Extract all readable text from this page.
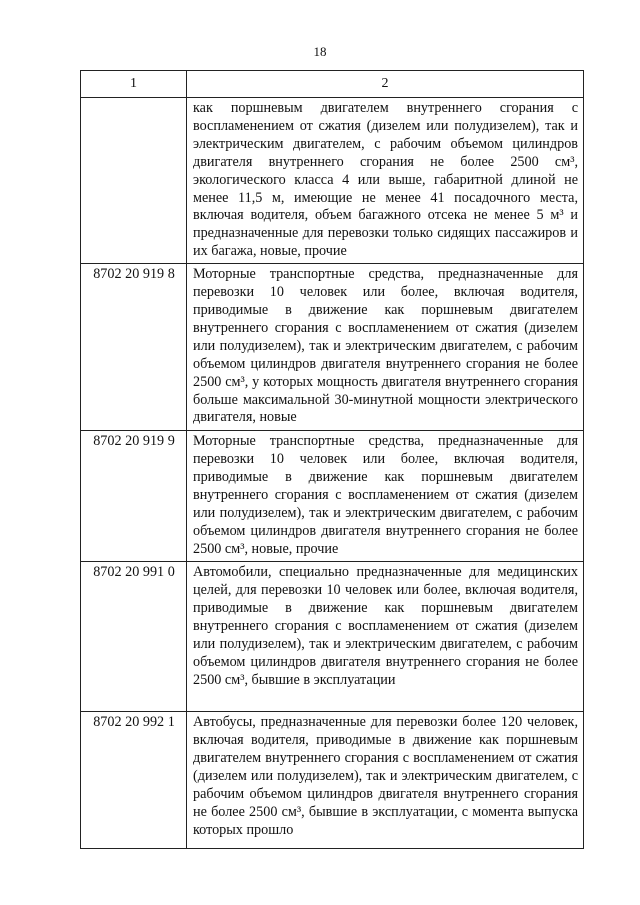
18
1	2

	как поршневым двигателем внутреннего сгорания с воспламенением от сжатия (дизелем или полудизелем), так и электрическим двигателем, с рабочим объемом цилиндров двигателя внутреннего сгорания не более 2500 см³, экологического класса 4 или выше, габаритной длиной не менее 11,5 м, имеющие не менее 41 посадочного места, включая водителя, объем багажного отсека не менее 5 м³ и предназначенные для перевозки только сидящих пассажиров и их багажа, новые, прочие

8702 20 919 8	Моторные транспортные средства, предназначенные для перевозки 10 человек или более, включая водителя, приводимые в движение как поршневым двигателем внутреннего сгорания с воспламенением от сжатия (дизелем или полудизелем), так и электрическим двигателем, с рабочим объемом цилиндров двигателя внутреннего сгорания не более 2500 см³, у которых мощность двигателя внутреннего сгорания больше максимальной 30-минутной мощности электрического двигателя, новые

8702 20 919 9	Моторные транспортные средства, предназначенные для перевозки 10 человек или более, включая водителя, приводимые в движение как поршневым двигателем внутреннего сгорания с воспламенением от сжатия (дизелем или полудизелем), так и электрическим двигателем, с рабочим объемом цилиндров двигателя внутреннего сгорания не более 2500 см³, новые, прочие

8702 20 991 0	Автомобили, специально предназначенные для медицинских целей, для перевозки 10 человек или более, включая водителя, приводимые в движение как поршневым двигателем внутреннего сгорания с воспламенением от сжатия (дизелем или полудизелем), так и электрическим двигателем, с рабочим объемом цилиндров двигателя внутреннего сгорания не более 2500 см³, бывшие в эксплуатации

8702 20 992 1	Автобусы, предназначенные для перевозки более 120 человек, включая водителя, приводимые в движение как поршневым двигателем внутреннего сгорания с воспламенением от сжатия (дизелем или полудизелем), так и электрическим двигателем, с рабочим объемом цилиндров двигателя внутреннего сгорания не более 2500 см³, бывшие в эксплуатации, с момента выпуска которых прошло
